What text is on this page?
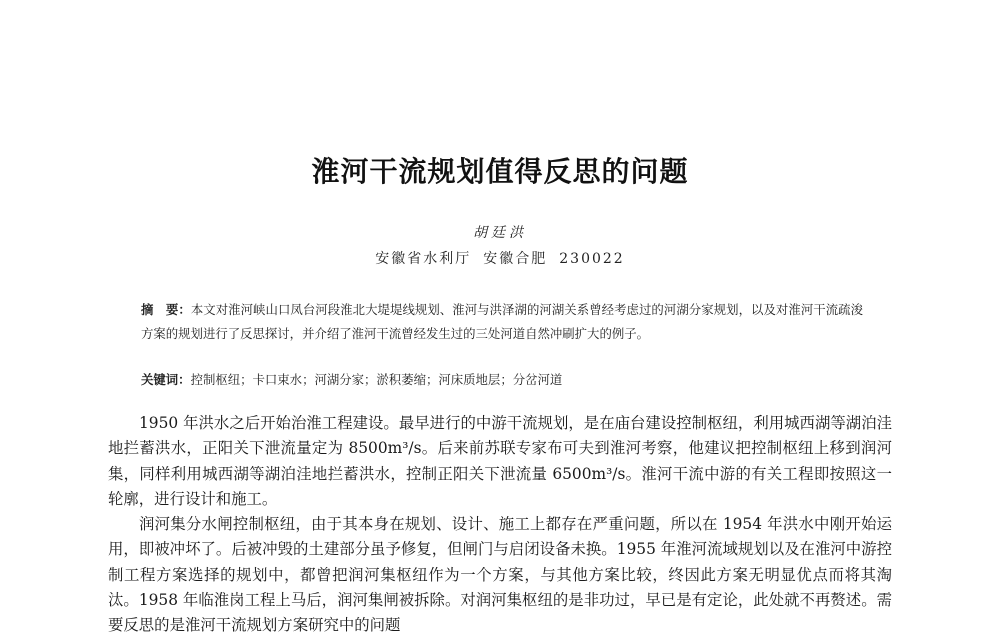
淮河干流规划值得反思的问题
胡廷洪
安徽省水利厅 安徽合肥 230022
摘　要：本文对淮河峡山口凤台河段淮北大堤堤线规划、淮河与洪泽湖的河湖关系曾经考虑过的河湖分家规划，以及对淮河干流疏浚方案的规划进行了反思探讨，并介绍了淮河干流曾经发生过的三处河道自然冲刷扩大的例子。
关键词：控制枢纽；卡口束水；河湖分家；淤积萎缩；河床质地层；分岔河道

1950 年洪水之后开始治淮工程建设。最早进行的中游干流规划，是在庙台建设控制枢纽，利用城西湖等湖泊洼地拦蓄洪水，正阳关下泄流量定为 8500m³/s。后来前苏联专家布可夫到淮河考察，他建议把控制枢纽上移到润河集，同样利用城西湖等湖泊洼地拦蓄洪水，控制正阳关下泄流量 6500m³/s。淮河干流中游的有关工程即按照这一轮廓，进行设计和施工。

润河集分水闸控制枢纽，由于其本身在规划、设计、施工上都存在严重问题，所以在 1954 年洪水中刚开始运用，即被冲坏了。后被冲毁的土建部分虽予修复，但闸门与启闭设备未换。1955 年淮河流域规划以及在淮河中游控制工程方案选择的规划中，都曾把润河集枢纽作为一个方案，与其他方案比较，终因此方案无明显优点而将其淘汰。1958 年临淮岗工程上马后，润河集闸被拆除。对润河集枢纽的是非功过，早已是有定论，此处就不再赘述。需要反思的是淮河干流规划方案研究中的问题
